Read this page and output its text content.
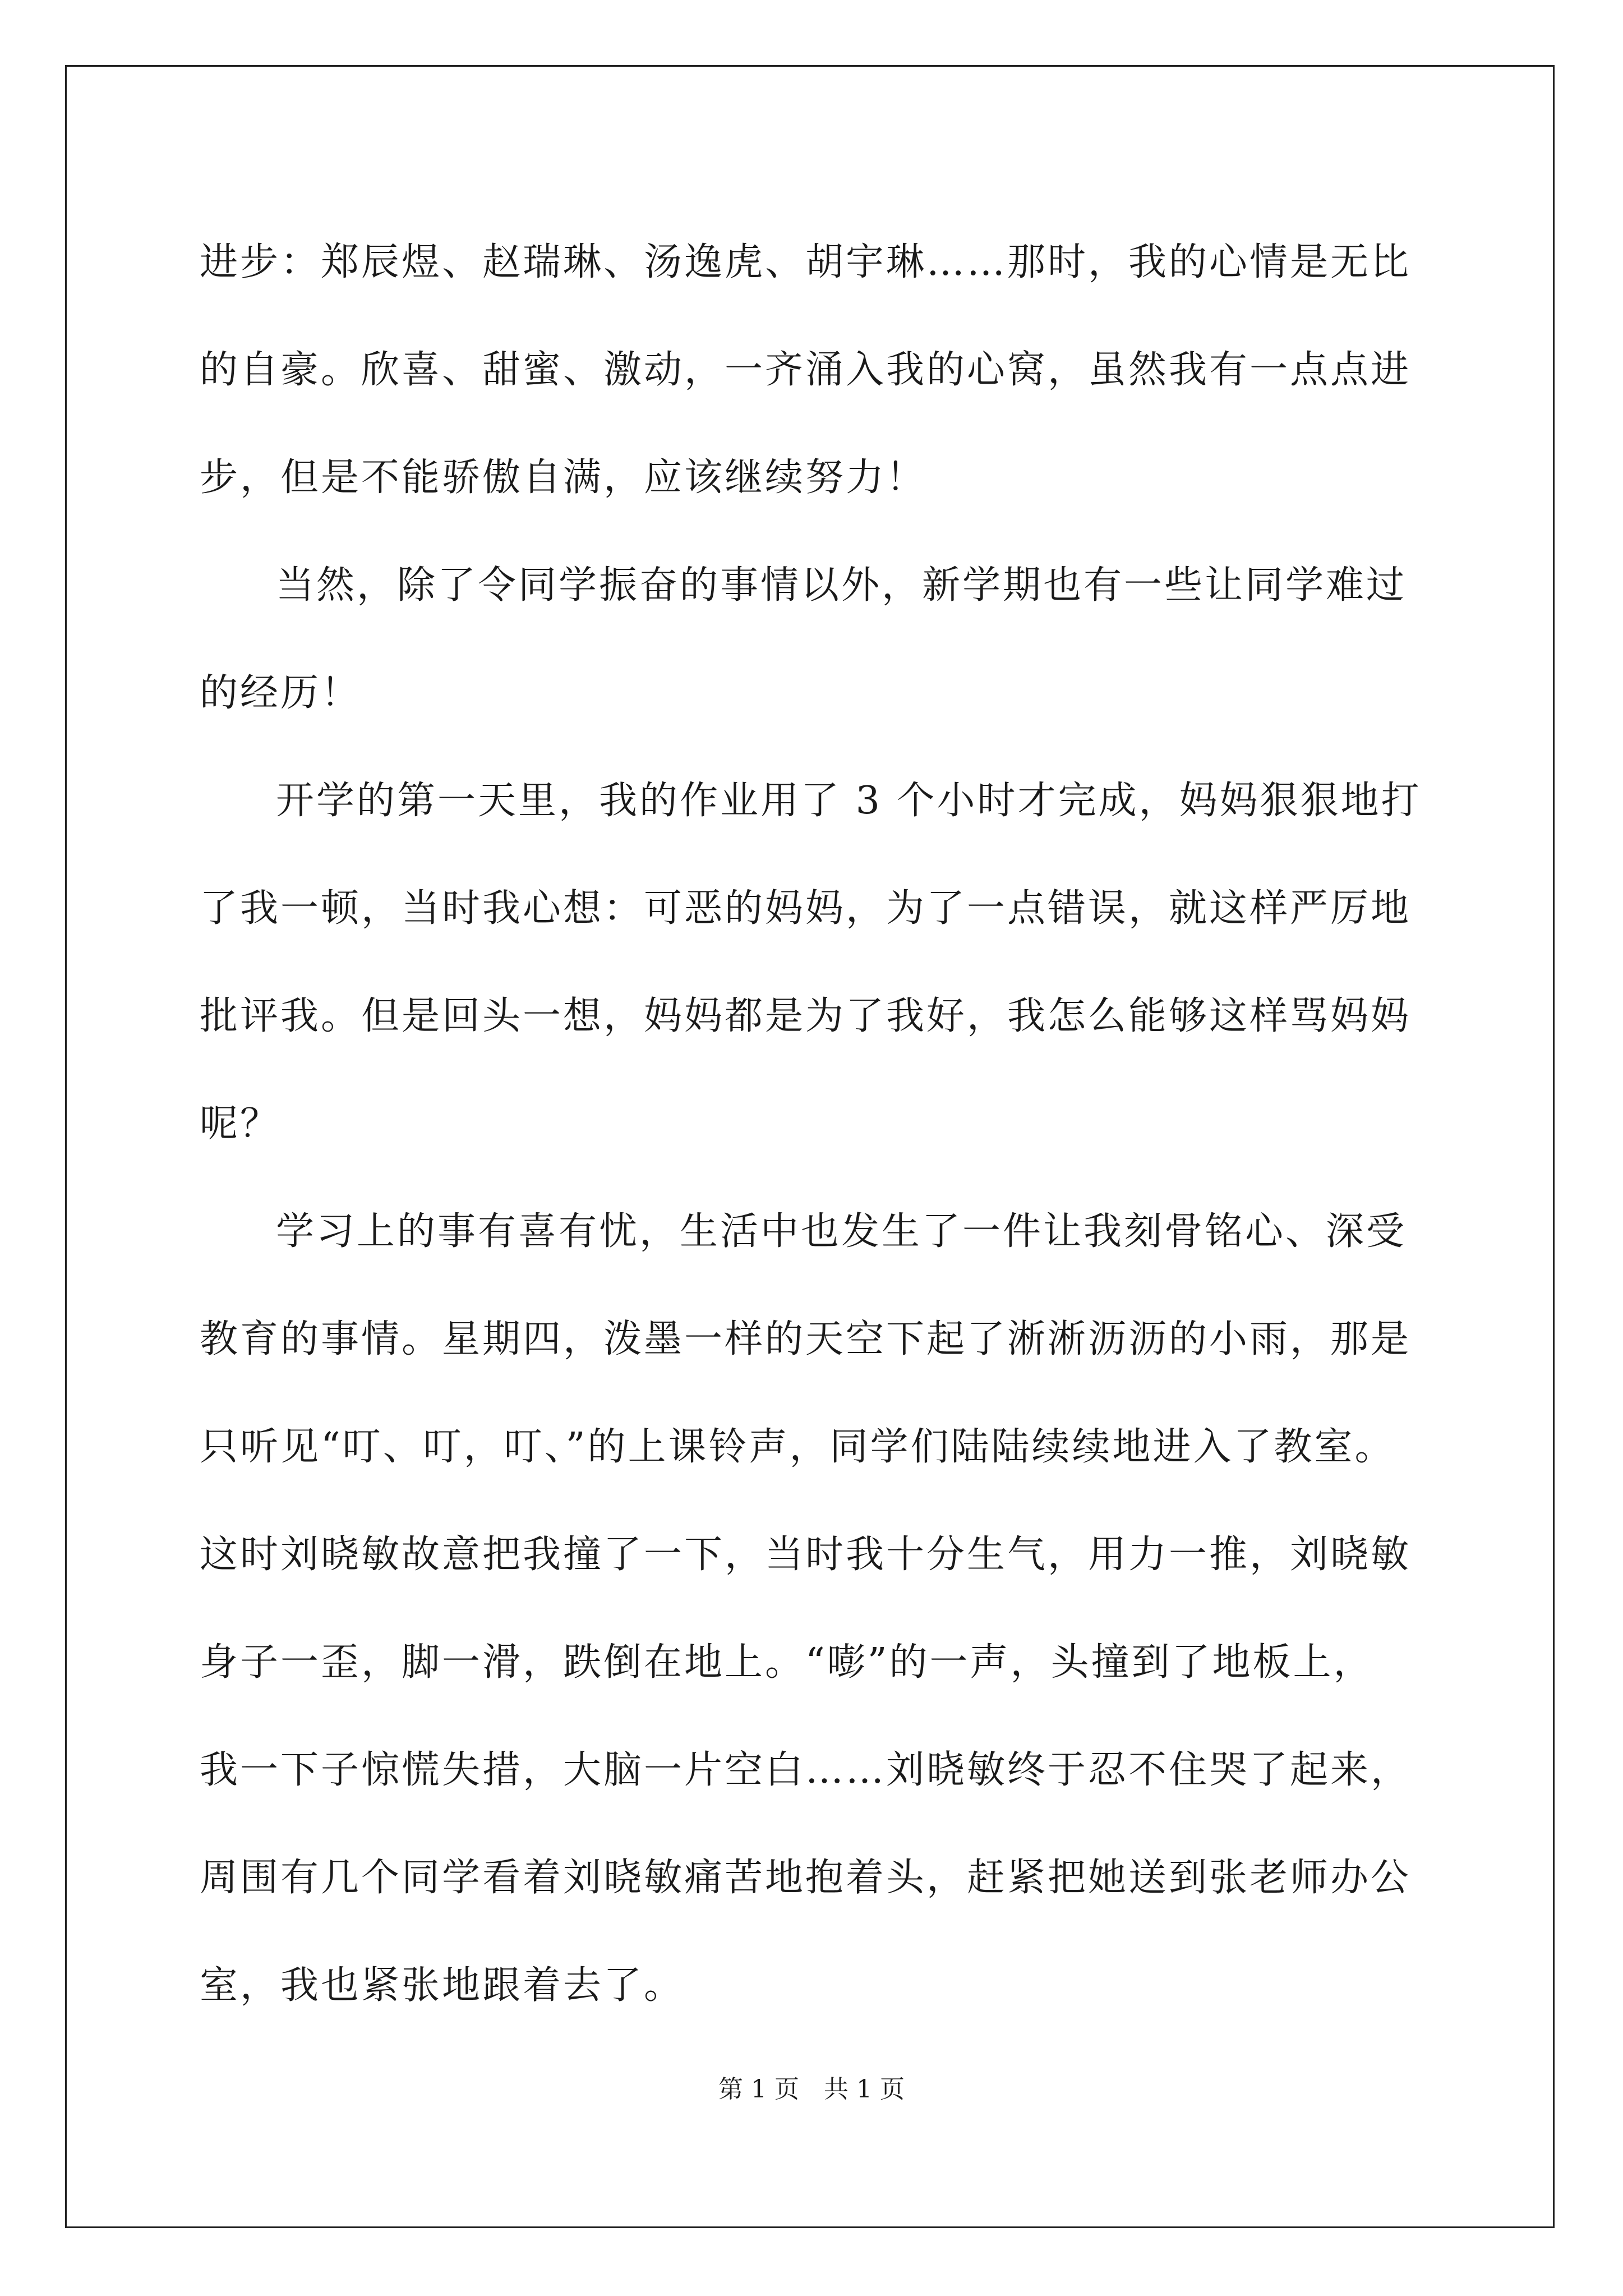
进步：郑辰煜、赵瑞琳、汤逸虎、胡宇琳……那时，我的心情是无比
的自豪。欣喜、甜蜜、激动，一齐涌入我的心窝，虽然我有一点点进
步，但是不能骄傲自满，应该继续努力！
当然，除了令同学振奋的事情以外，新学期也有一些让同学难过
的经历！
开学的第一天里，我的作业用了 3 个小时才完成，妈妈狠狠地打
了我一顿，当时我心想：可恶的妈妈，为了一点错误，就这样严厉地
批评我。但是回头一想，妈妈都是为了我好，我怎么能够这样骂妈妈
呢？
学习上的事有喜有忧，生活中也发生了一件让我刻骨铭心、深受
教育的事情。星期四，泼墨一样的天空下起了淅淅沥沥的小雨，那是
只听见“叮、叮，叮、”的上课铃声，同学们陆陆续续地进入了教室。
这时刘晓敏故意把我撞了一下，当时我十分生气，用力一推，刘晓敏
身子一歪，脚一滑，跌倒在地上。“嘭”的一声，头撞到了地板上，
我一下子惊慌失措，大脑一片空白……刘晓敏终于忍不住哭了起来，
周围有几个同学看着刘晓敏痛苦地抱着头，赶紧把她送到张老师办公
室，我也紧张地跟着去了。
第 1 页　共 1 页
